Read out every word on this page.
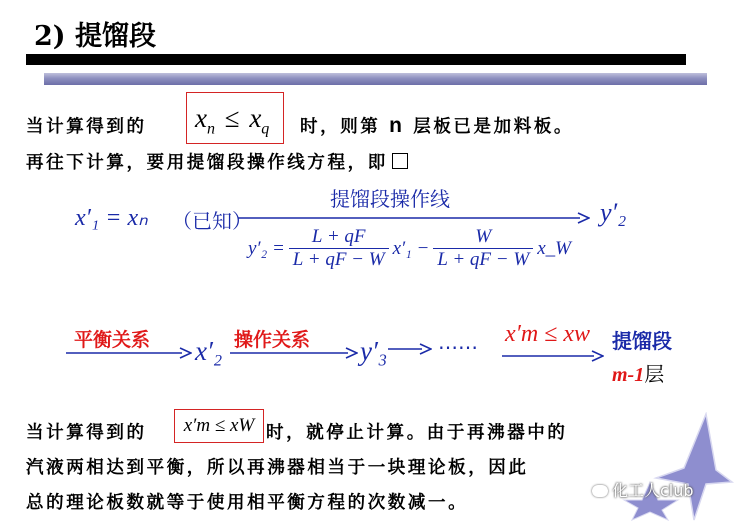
2) 提馏段
当计算得到的 $x_n \le x_q$ 时，则第 n 层板已是加料板。
再往下计算，要用提馏段操作线方程，即
x′₁ = xₙ （已知）
提馏段操作线	y′₂
$y'_2 = \frac{L + qF}{L + qF - W} x'_1 - \frac{W}{L + qF - W}$ x_W
平衡关系 x′₂ 操作关系 y′₃	…… x′m ≤ xw 提馏段
m-1层
当计算得到的	x′m ≤ xW 时，就停止计算。由于再沸器中的
汽液两相达到平衡，所以再沸器相当于一块理论板，因此
总的理论板数就等于使用相平衡方程的次数减一。
化工人club
